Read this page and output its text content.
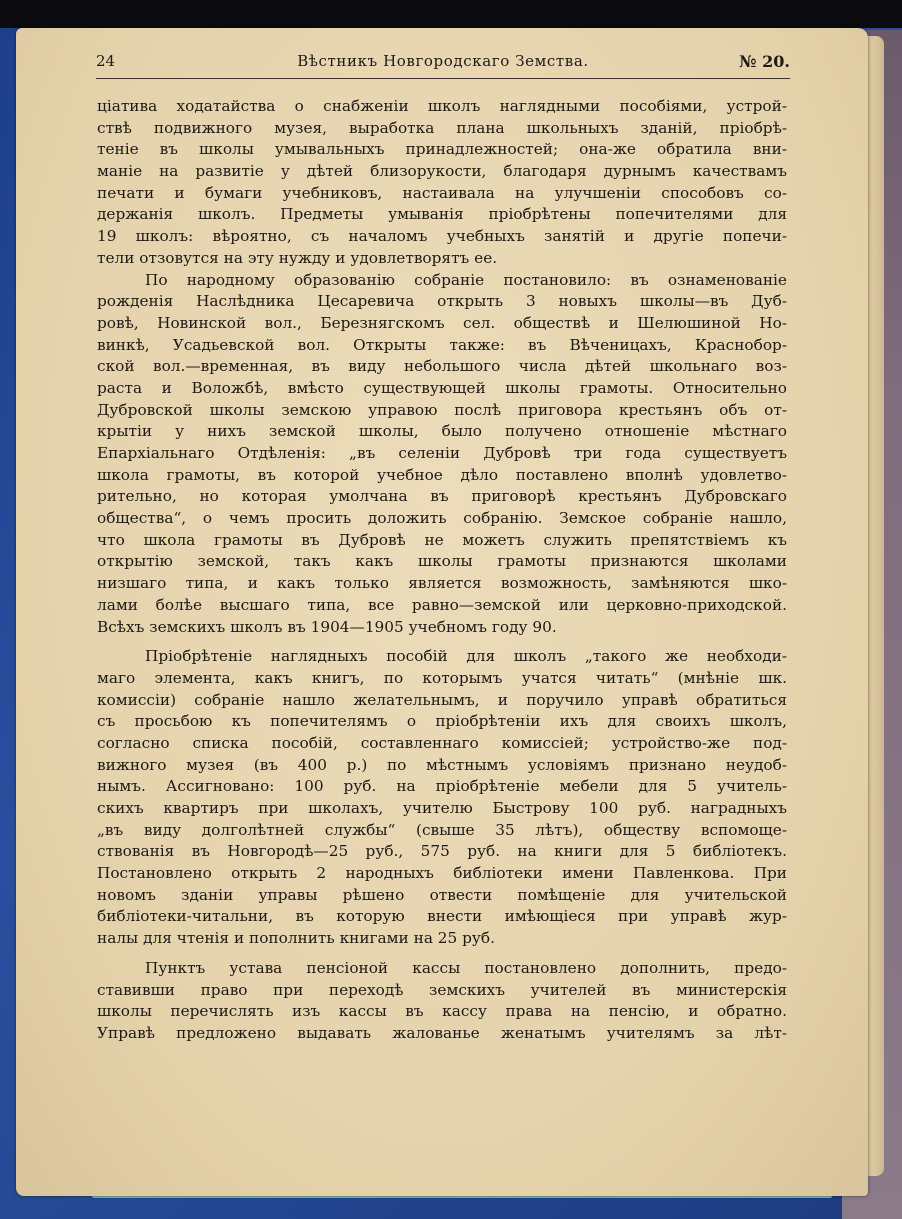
24	Вѣстникъ Новгородскаго Земства.	№ 20.
ціатива ходатайства о снабженіи школъ наглядными пособіями, устрой-
ствѣ подвижного музея, выработка плана школьныхъ зданій, пріобрѣ-
теніе въ школы умывальныхъ принадлежностей; она-же обратила вни-
маніе на развитіе у дѣтей близорукости, благодаря дурнымъ качествамъ
печати и бумаги учебниковъ, настаивала на улучшеніи способовъ со-
держанія школъ. Предметы умыванія пріобрѣтены попечителями для
19 школъ: вѣроятно, съ началомъ учебныхъ занятій и другіе попечи-
тели отзовутся на эту нужду и удовлетворятъ ее.
По народному образованію собраніе постановило: въ ознаменованіе
рожденія Наслѣдника Цесаревича открыть 3 новыхъ школы—въ Дуб-
ровѣ, Новинской вол., Березнягскомъ сел. обществѣ и Шелюшиной Но-
винкѣ, Усадьевской вол. Открыты также: въ Вѣченицахъ, Краснобор-
ской вол.—временная, въ виду небольшого числа дѣтей школьнаго воз-
раста и Воложбѣ, вмѣсто существующей школы грамоты. Относительно
Дубровской школы земскою управою послѣ приговора крестьянъ объ от-
крытіи у нихъ земской школы, было получено отношеніе мѣстнаго
Епархіальнаго Отдѣленія: „въ селеніи Дубровѣ три года существуетъ
школа грамоты, въ которой учебное дѣло поставлено вполнѣ удовлетво-
рительно, но которая умолчана въ приговорѣ крестьянъ Дубровскаго
общества“, о чемъ просить доложить собранію. Земское собраніе нашло,
что школа грамоты въ Дубровѣ не можетъ служить препятствіемъ къ
открытію земской, такъ какъ школы грамоты признаются школами
низшаго типа, и какъ только является возможность, замѣняются шко-
лами болѣе высшаго типа, все равно—земской или церковно-приходской.
Всѣхъ земскихъ школъ въ 1904—1905 учебномъ году 90.
Пріобрѣтеніе наглядныхъ пособій для школъ „такого же необходи-
маго элемента, какъ книгъ, по которымъ учатся читать“ (мнѣніе шк.
комиссіи) собраніе нашло желательнымъ, и поручило управѣ обратиться
съ просьбою къ попечителямъ о пріобрѣтеніи ихъ для своихъ школъ,
согласно списка пособій, составленнаго комиссіей; устройство-же под-
вижного музея (въ 400 р.) по мѣстнымъ условіямъ признано неудоб-
нымъ. Ассигновано: 100 руб. на пріобрѣтеніе мебели для 5 учитель-
скихъ квартиръ при школахъ, учителю Быстрову 100 руб. наградныхъ
„въ виду долголѣтней службы“ (свыше 35 лѣтъ), обществу вспомоще-
ствованія въ Новгородѣ—25 руб., 575 руб. на книги для 5 библіотекъ.
Постановлено открыть 2 народныхъ библіотеки имени Павленкова. При
новомъ зданіи управы рѣшено отвести помѣщеніе для учительской
библіотеки-читальни, въ которую внести имѣющіеся при управѣ жур-
налы для чтенія и пополнить книгами на 25 руб.
Пунктъ устава пенсіоной кассы постановлено дополнить, предо-
ставивши право при переходѣ земскихъ учителей въ министерскія
школы перечислять изъ кассы въ кассу права на пенсію, и обратно.
Управѣ предложено выдавать жалованье женатымъ учителямъ за лѣт-
